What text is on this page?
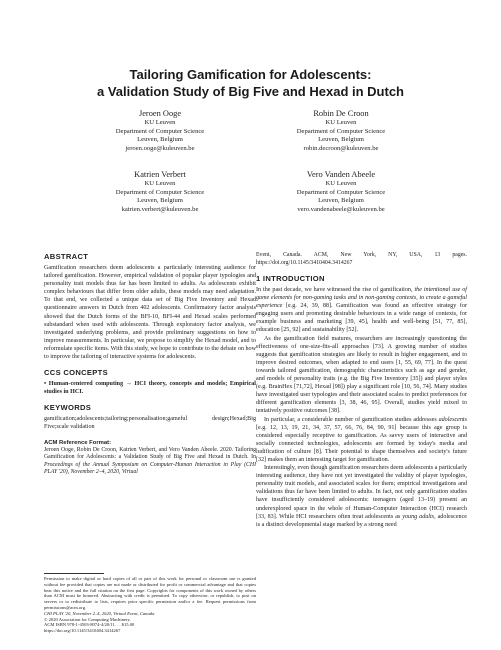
Tailoring Gamification for Adolescents:
a Validation Study of Big Five and Hexad in Dutch
Jeroen Ooge
KU Leuven
Department of Computer Science
Leuven, Belgium
jeroen.ooge@kuleuven.be
Robin De Croon
KU Leuven
Department of Computer Science
Leuven, Belgium
robin.decroon@kuleuven.be
Katrien Verbert
KU Leuven
Department of Computer Science
Leuven, Belgium
katrien.verbert@kuleuven.be
Vero Vanden Abeele
KU Leuven
Department of Computer Science
Leuven, Belgium
vero.vandenabeele@kuleuven.be
ABSTRACT

Gamification researchers deem adolescents a particularly interesting audience for tailored gamification. However, empirical validation of popular player typologies and personality trait models thus far has been limited to adults. As adolescents exhibit complex behaviours that differ from older adults, these models may need adaptation. To that end, we collected a unique data set of Big Five Inventory and Hexad questionnaire answers in Dutch from 402 adolescents. Confirmatory factor analysis showed that the Dutch forms of the BFI-10, BFI-44 and Hexad scales performed substandard when used with adolescents. Through exploratory factor analysis, we investigated underlying problems, and provide preliminary suggestions on how to improve measurements. In particular, we propose to simplify the Hexad model, and to reformulate specific items. With this study, we hope to contribute to the debate on how to improve the tailoring of interactive systems for adolescents.

CCS CONCEPTS

• Human-centered computing → HCI theory, concepts and models; Empirical studies in HCI.

KEYWORDS

gamification;adolescents;tailoring;personalisation;gameful design;Hexad;Big Five;scale validation

ACM Reference Format:

Jeroen Ooge, Robin De Croon, Katrien Verbert, and Vero Vanden Abeele. 2020. Tailoring Gamification for Adolescents: a Validation Study of Big Five and Hexad in Dutch. In Proceedings of the Annual Symposium on Computer-Human Interaction in Play (CHI PLAY '20), November 2–4, 2020, Virtual

Permission to make digital or hard copies of all or part of this work for personal or classroom use is granted without fee provided that copies are not made or distributed for profit or commercial advantage and that copies bear this notice and the full citation on the first page. Copyrights for components of this work owned by others than ACM must be honored. Abstracting with credit is permitted. To copy otherwise, or republish, to post on servers or to redistribute to lists, requires prior specific permission and/or a fee. Request permissions from permissions@acm.org.
CHI PLAY '20, November 2–4, 2020, Virtual Event, Canada
© 2020 Association for Computing Machinery.
ACM ISBN 978-1-4503-8074-4/20/11. . . $15.00
https://doi.org/10.1145/3410404.3414267

Event, Canada. ACM, New York, NY, USA, 13 pages. https://doi.org/10.1145/3410404.3414267

1 INTRODUCTION

In the past decade, we have witnessed the rise of gamification, the intentional use of game elements for non-gaming tasks and in non-gaming contexts, to create a gameful experience [e.g. 24, 39, 88]. Gamification was found an effective strategy for engaging users and promoting desirable behaviours in a wide range of contexts, for example business and marketing [39, 45], health and well-being [51, 77, 85], education [25, 92] and sustainability [52].

As the gamification field matures, researchers are increasingly questioning the effectiveness of one-size-fits-all approaches [73]. A growing number of studies suggests that gamification strategies are likely to result in higher engagement, and to improve desired outcomes, when adapted to end users [1, 55, 69, 77]. In the quest towards tailored gamification, demographic characteristics such as age and gender, and models of personality traits (e.g. the Big Five Inventory [35]) and player styles (e.g. BrainHex [71,72], Hexad [98]) play a significant role [10, 56, 74]. Many studies have investigated user typologies and their associated scales to predict preferences for different gamification elements [3, 38, 46, 95]. Overall, studies yield mixed to tentatively positive outcomes [38].

In particular, a considerable number of gamification studies addresses adolescents [e.g. 12, 13, 19, 21, 34, 37, 57, 66, 76, 84, 90, 91] because this age group is considered especially receptive to gamification. As savvy users of interactive and socially connected technologies, adolescents are formed by today's media and ludification of culture [8]. Their potential to shape themselves and society's future [32] makes them an interesting target for gamification.

Interestingly, even though gamification researchers deem adolescents a particularly interesting audience, they have not yet investigated the validity of player typologies, personality trait models, and associated scales for them; empirical investigations and validations thus far have been limited to adults. In fact, not only gamification studies have insufficiently considered adolescents: teenagers (aged 13–19) present an underexplored space in the whole of Human-Computer Interaction (HCI) research [33, 83]. While HCI researchers often treat adolescents as young adults, adolescence is a distinct developmental stage marked by a strong need
